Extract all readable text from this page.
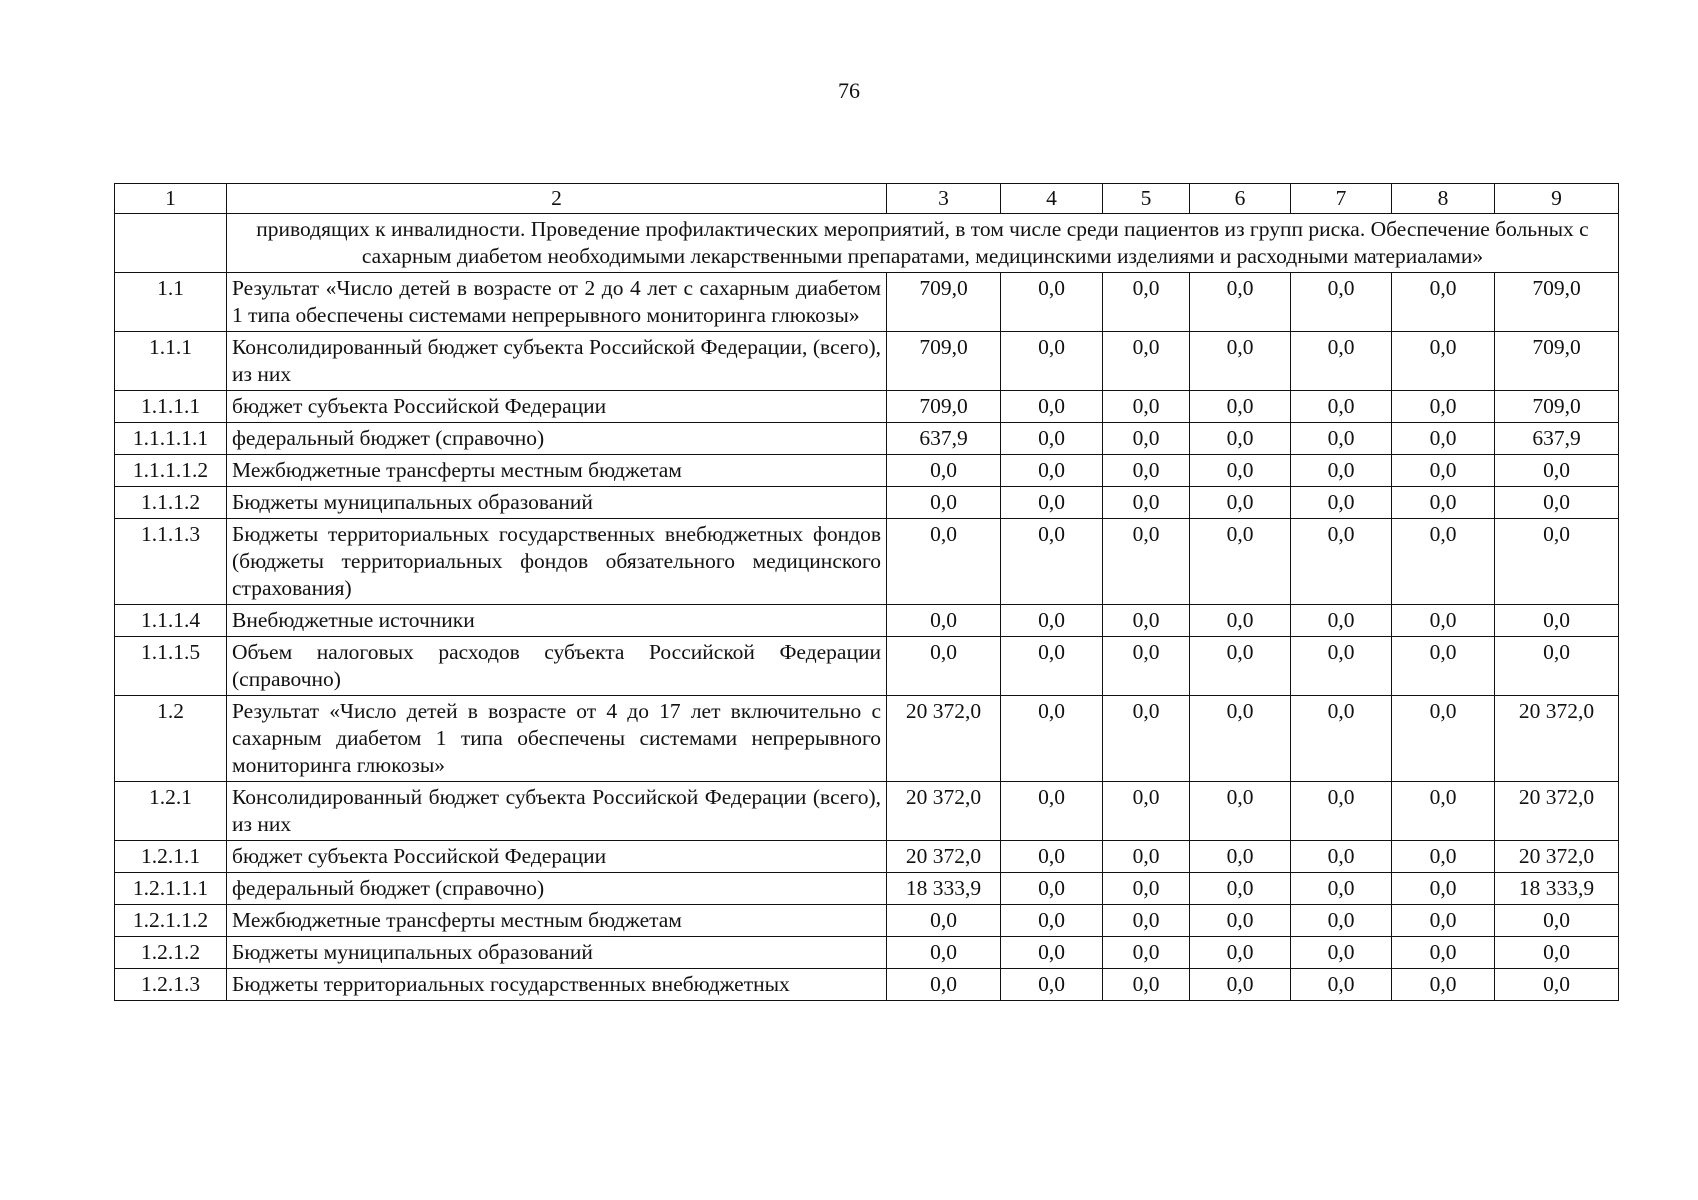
76
1	2	3	4	5	6	7	8	9
	приводящих к инвалидности. Проведение профилактических мероприятий, в том числе среди пациентов из групп риска. Обеспечение больных с сахарным диабетом необходимыми лекарственными препаратами, медицинскими изделиями и расходными материалами»							
1.1	Результат «Число детей в возрасте от 2 до 4 лет с сахарным диабетом 1 типа обеспечены системами непрерывного мониторинга глюкозы»	709,0	0,0	0,0	0,0	0,0	0,0	709,0
1.1.1	Консолидированный бюджет субъекта Российской Федерации, (всего), из них	709,0	0,0	0,0	0,0	0,0	0,0	709,0
1.1.1.1	бюджет субъекта Российской Федерации	709,0	0,0	0,0	0,0	0,0	0,0	709,0
1.1.1.1.1	федеральный бюджет (справочно)	637,9	0,0	0,0	0,0	0,0	0,0	637,9
1.1.1.1.2	Межбюджетные трансферты местным бюджетам	0,0	0,0	0,0	0,0	0,0	0,0	0,0
1.1.1.2	Бюджеты муниципальных образований	0,0	0,0	0,0	0,0	0,0	0,0	0,0
1.1.1.3	Бюджеты территориальных государственных внебюджетных фондов (бюджеты территориальных фондов обязательного медицинского страхования)	0,0	0,0	0,0	0,0	0,0	0,0	0,0
1.1.1.4	Внебюджетные источники	0,0	0,0	0,0	0,0	0,0	0,0	0,0
1.1.1.5	Объем налоговых расходов субъекта Российской Федерации (справочно)	0,0	0,0	0,0	0,0	0,0	0,0	0,0
1.2	Результат «Число детей в возрасте от 4 до 17 лет включительно с сахарным диабетом 1 типа обеспечены системами непрерывного мониторинга глюкозы»	20 372,0	0,0	0,0	0,0	0,0	0,0	20 372,0
1.2.1	Консолидированный бюджет субъекта Российской Федерации (всего), из них	20 372,0	0,0	0,0	0,0	0,0	0,0	20 372,0
1.2.1.1	бюджет субъекта Российской Федерации	20 372,0	0,0	0,0	0,0	0,0	0,0	20 372,0
1.2.1.1.1	федеральный бюджет (справочно)	18 333,9	0,0	0,0	0,0	0,0	0,0	18 333,9
1.2.1.1.2	Межбюджетные трансферты местным бюджетам	0,0	0,0	0,0	0,0	0,0	0,0	0,0
1.2.1.2	Бюджеты муниципальных образований	0,0	0,0	0,0	0,0	0,0	0,0	0,0
1.2.1.3	Бюджеты территориальных государственных внебюджетных	0,0	0,0	0,0	0,0	0,0	0,0	0,0
